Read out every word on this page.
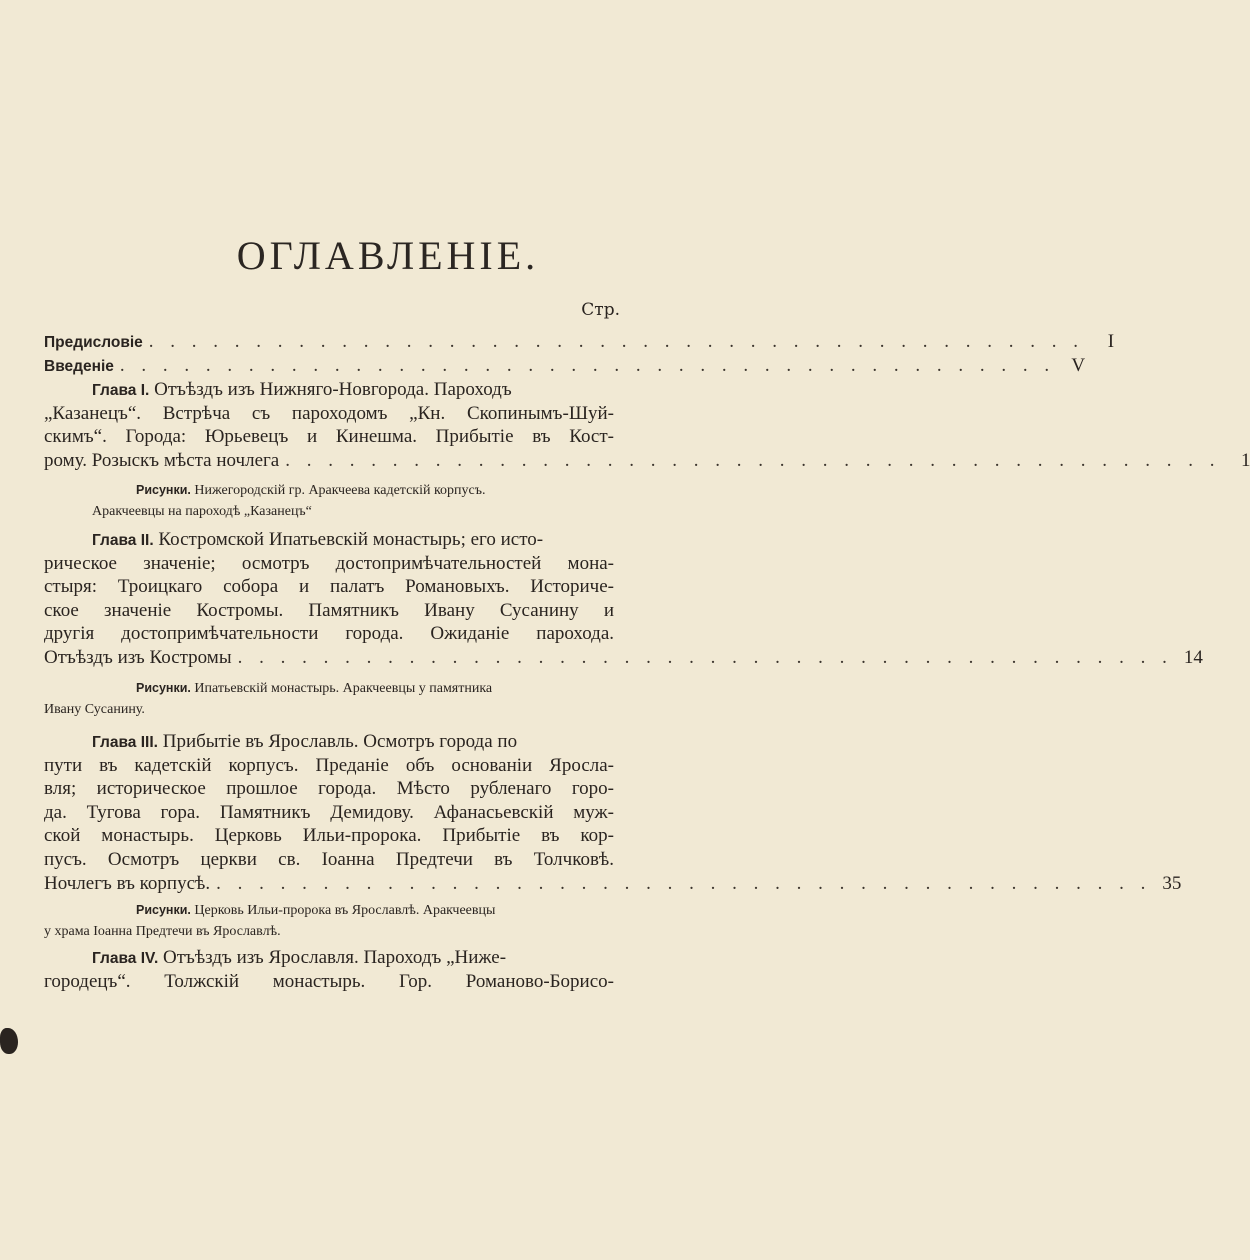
ОГЛАВЛЕНІЕ.
Стр.
Предисловіе . . . . . . . . . . . . . . . . . . . . . . . . . . . . . . . . . . . . . . . . . . . .	I
Введеніе . . . . . . . . . . . . . . . . . . . . . . . . . . . . . . . . . . . . . . . . . . . . V
Глава I. Отъѣздъ изъ Нижняго-Новгорода. Пароходъ
„Казанецъ“. Встрѣча съ пароходомъ „Кн. Скопинымъ-Шуй-
скимъ“. Города: Юрьевецъ и Кинешма. Прибытіе въ Кост-
рому. Розыскъ мѣста ночлега . . . . . . . . . . . . . . . . . . . . . . . . . . . . . . . . . . . . . . . . . . . .	1
Рисунки. Нижегородскій гр. Аракчеева кадетскій корпусъ.
Аракчеевцы на пароходѣ „Казанецъ“
Глава II. Костромской Ипатьевскій монастырь; его исто-
рическое значеніе; осмотръ достопримѣчательностей мона-
стыря: Троицкаго собора и палатъ Романовыхъ. Историче-
ское значеніе Костромы. Памятникъ Ивану Сусанину и
другія достопримѣчательности города. Ожиданіе парохода.
Отъѣздъ изъ Костромы . . . . . . . . . . . . . . . . . . . . . . . . . . . . . . . . . . . . . . . . . . . . 14
Рисунки. Ипатьевскій монастырь. Аракчеевцы у памятника
Ивану Сусанину.
Глава III. Прибытіе въ Ярославль. Осмотръ города по
пути въ кадетскій корпусъ. Преданіе объ основаніи Яросла-
вля; историческое прошлое города. Мѣсто рубленаго горо-
да. Тугова гора. Памятникъ Демидову. Афанасьевскій муж-
ской монастырь. Церковь Ильи-пророка. Прибытіе въ кор-
пусъ. Осмотръ церкви св. Іоанна Предтечи въ Толчковѣ.
Ночлегъ въ корпусѣ. . . . . . . . . . . . . . . . . . . . . . . . . . . . . . . . . . . . . . . . . . . . . 35
Рисунки. Церковь Ильи-пророка въ Ярославлѣ. Аракчеевцы
у храма Іоанна Предтечи въ Ярославлѣ.
Глава IV. Отъѣздъ изъ Ярославля. Пароходъ „Ниже-
городецъ“. Толжскій монастырь. Гор. Романово-Борисо-
